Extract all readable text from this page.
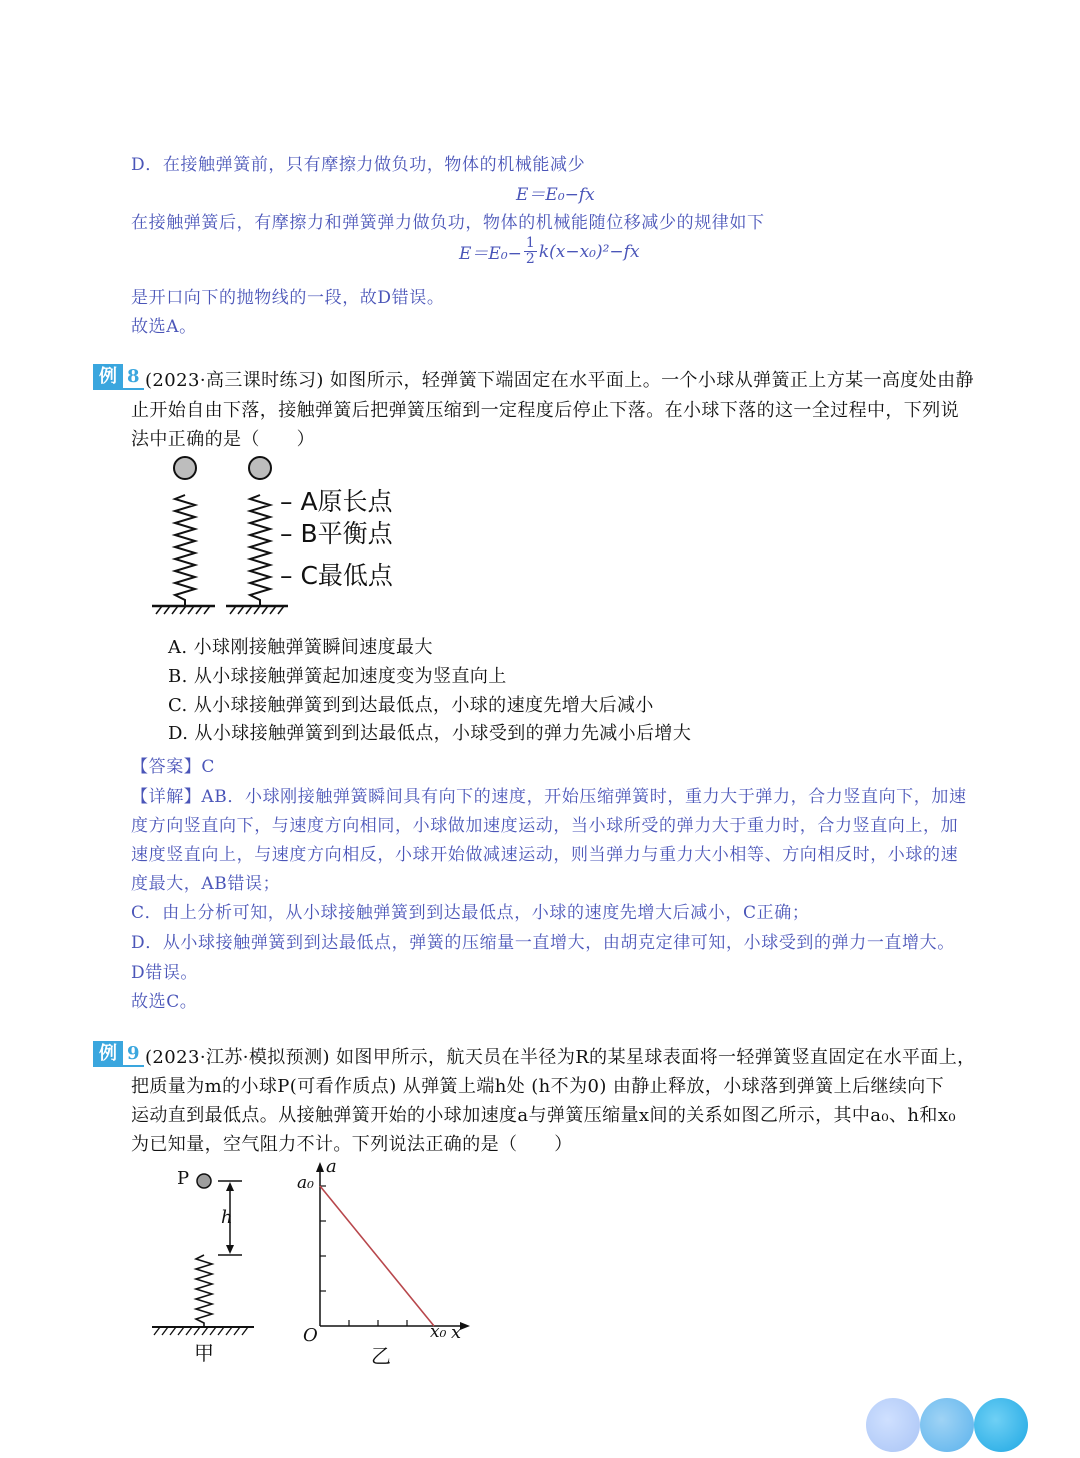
D．在接触弹簧前，只有摩擦力做负功，物体的机械能减少
E＝E₀−fx
在接触弹簧后，有摩擦力和弹簧弹力做负功，物体的机械能随位移减少的规律如下
$E=E_0- \frac{1}{2} k(x-x_0)^2-fx$
是开口向下的抛物线的一段，故D错误。
故选A。
例 8 (2023·高三课时练习) 如图所示，轻弹簧下端固定在水平面上。一个小球从弹簧正上方某一高度处由静
止开始自由下落，接触弹簧后把弹簧压缩到一定程度后停止下落。在小球下落的这一全过程中，下列说
法中正确的是（　　）
– A原长点
– B平衡点
– C最低点
A. 小球刚接触弹簧瞬间速度最大
B. 从小球接触弹簧起加速度变为竖直向上
C. 从小球接触弹簧到到达最低点，小球的速度先增大后减小
D. 从小球接触弹簧到到达最低点，小球受到的弹力先减小后增大
【答案】C
【详解】AB．小球刚接触弹簧瞬间具有向下的速度，开始压缩弹簧时，重力大于弹力，合力竖直向下，加速
度方向竖直向下，与速度方向相同，小球做加速度运动，当小球所受的弹力大于重力时，合力竖直向上，加
速度竖直向上，与速度方向相反，小球开始做减速运动，则当弹力与重力大小相等、方向相反时，小球的速
度最大，AB错误；
C．由上分析可知，从小球接触弹簧到到达最低点，小球的速度先增大后减小，C正确；
D．从小球接触弹簧到到达最低点，弹簧的压缩量一直增大，由胡克定律可知，小球受到的弹力一直增大。
D错误。
故选C。
例 9 (2023·江苏·模拟预测) 如图甲所示，航天员在半径为R的某星球表面将一轻弹簧竖直固定在水平面上，
把质量为m的小球P(可看作质点) 从弹簧上端h处 (h不为0) 由静止释放，小球落到弹簧上后继续向下
运动直到最低点。从接触弹簧开始的小球加速度a与弹簧压缩量x间的关系如图乙所示，其中a₀、h和x₀
为已知量，空气阻力不计。下列说法正确的是（　　）
P
h
甲
a
a₀
O	x₀ x
乙
